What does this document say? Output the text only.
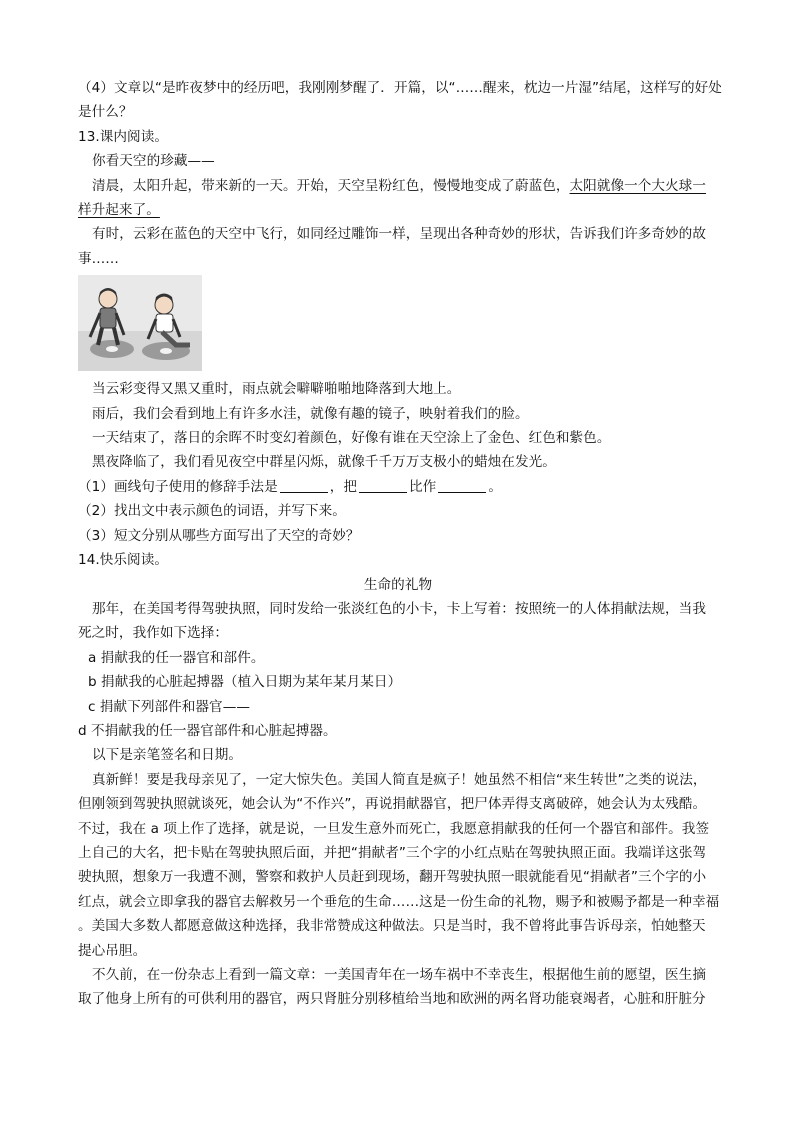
（4）文章以“是昨夜梦中的经历吧，我刚刚梦醒了．开篇，以“……醒来，枕边一片湿”结尾，这样写的好处
是什么？
13.课内阅读。
你看天空的珍藏——
清晨，太阳升起，带来新的一天。开始，天空呈粉红色，慢慢地变成了蔚蓝色，太阳就像一个大火球一
样升起来了。
有时，云彩在蓝色的天空中飞行，如同经过雕饰一样，呈现出各种奇妙的形状，告诉我们许多奇妙的故
事……
当云彩变得又黑又重时，雨点就会噼噼啪啪地降落到大地上。
雨后，我们会看到地上有许多水洼，就像有趣的镜子，映射着我们的脸。
一天结束了，落日的余晖不时变幻着颜色，好像有谁在天空涂上了金色、红色和紫色。
黑夜降临了，我们看见夜空中群星闪烁，就像千千万万支极小的蜡烛在发光。
（1）画线句子使用的修辞手法是	，把	比作	。
（2）找出文中表示颜色的词语，并写下来。
（3）短文分别从哪些方面写出了天空的奇妙？
14.快乐阅读。
生命的礼物
那年，在美国考得驾驶执照，同时发给一张淡红色的小卡，卡上写着：按照统一的人体捐献法规，当我
死之时，我作如下选择：
a 捐献我的任一器官和部件。
b 捐献我的心脏起搏器（植入日期为某年某月某日）
c 捐献下列部件和器官——
d 不捐献我的任一器官部件和心脏起搏器。
以下是亲笔签名和日期。
真新鲜！要是我母亲见了，一定大惊失色。美国人简直是疯子！她虽然不相信“来生转世”之类的说法，
但刚领到驾驶执照就谈死，她会认为“不作兴”，再说捐献器官，把尸体弄得支离破碎，她会认为太残酷。
不过，我在 a 项上作了选择，就是说，一旦发生意外而死亡，我愿意捐献我的任何一个器官和部件。我签
上自己的大名，把卡贴在驾驶执照后面，并把“捐献者”三个字的小红点贴在驾驶执照正面。我端详这张驾
驶执照，想象万一我遭不测，警察和救护人员赶到现场，翻开驾驶执照一眼就能看见“捐献者”三个字的小
红点，就会立即拿我的器官去解救另一个垂危的生命……这是一份生命的礼物，赐予和被赐予都是一种幸福
。美国大多数人都愿意做这种选择，我非常赞成这种做法。只是当时，我不曾将此事告诉母亲，怕她整天
提心吊胆。
不久前，在一份杂志上看到一篇文章：一美国青年在一场车祸中不幸丧生，根据他生前的愿望，医生摘
取了他身上所有的可供利用的器官，两只肾脏分别移植给当地和欧洲的两名肾功能衰竭者，心脏和肝脏分
